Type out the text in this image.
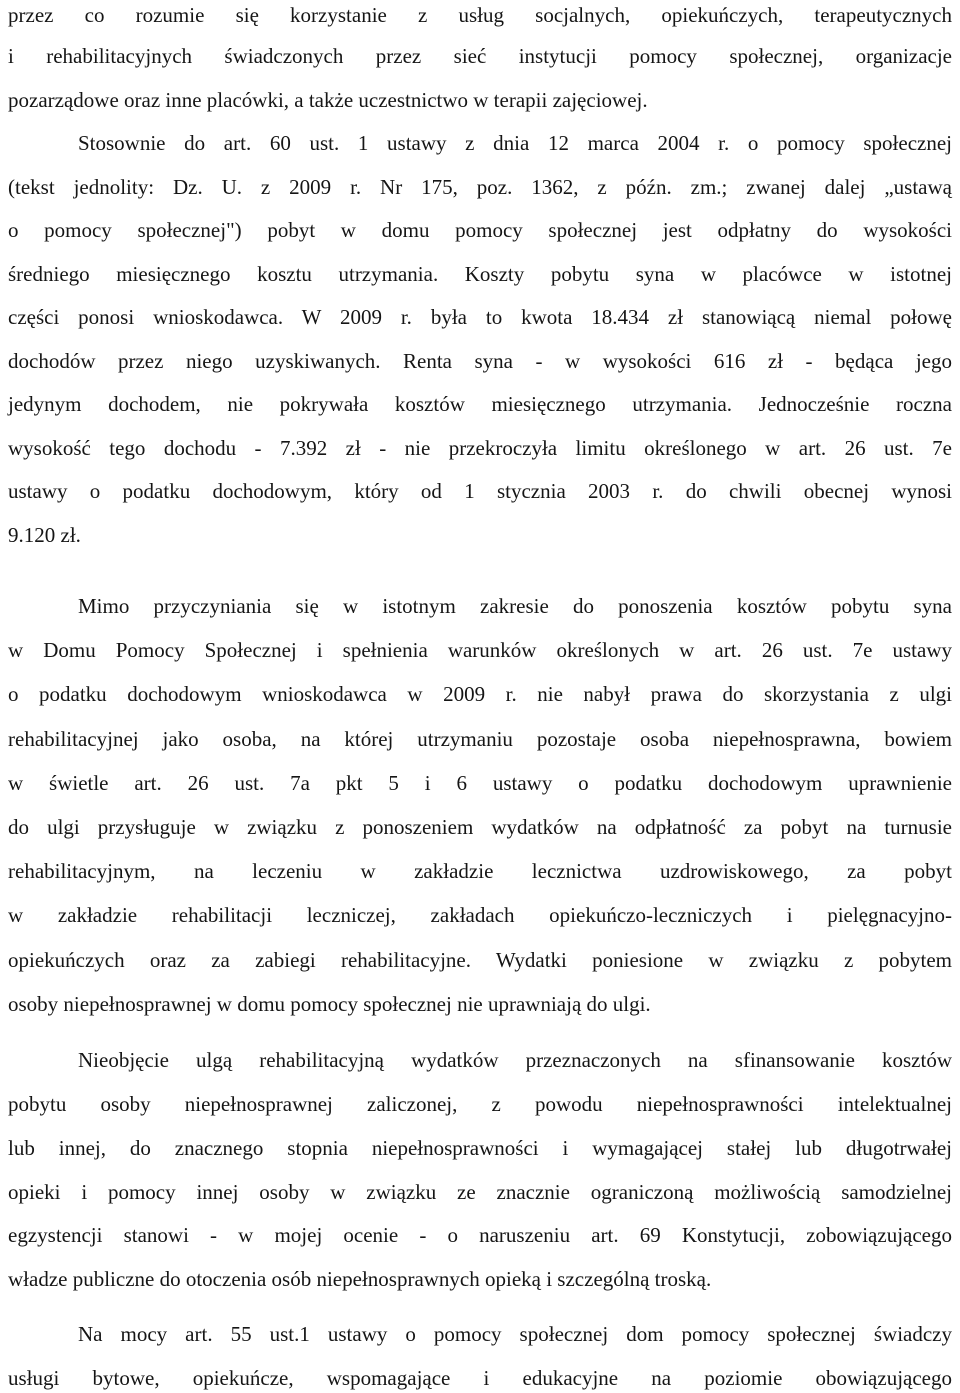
przez co rozumie się korzystanie z usług socjalnych, opiekuńczych, terapeutycznych
i rehabilitacyjnych świadczonych przez sieć instytucji pomocy społecznej, organizacje
pozarządowe oraz inne placówki, a także uczestnictwo w terapii zajęciowej.
Stosownie do art. 60 ust. 1 ustawy z dnia 12 marca 2004 r. o pomocy społecznej
(tekst jednolity: Dz. U. z 2009 r. Nr 175, poz. 1362, z późn. zm.; zwanej dalej „ustawą
o pomocy społecznej") pobyt w domu pomocy społecznej jest odpłatny do wysokości
średniego miesięcznego kosztu utrzymania. Koszty pobytu syna w placówce w istotnej
części ponosi wnioskodawca. W 2009 r. była to kwota 18.434 zł stanowiącą niemal połowę
dochodów przez niego uzyskiwanych. Renta syna - w wysokości 616 zł - będąca jego
jedynym dochodem, nie pokrywała kosztów miesięcznego utrzymania. Jednocześnie roczna
wysokość tego dochodu - 7.392 zł - nie przekroczyła limitu określonego w art. 26 ust. 7e
ustawy o podatku dochodowym, który od 1 stycznia 2003 r. do chwili obecnej wynosi
9.120 zł.
Mimo przyczyniania się w istotnym zakresie do ponoszenia kosztów pobytu syna
w Domu Pomocy Społecznej i spełnienia warunków określonych w art. 26 ust. 7e ustawy
o podatku dochodowym wnioskodawca w 2009 r. nie nabył prawa do skorzystania z ulgi
rehabilitacyjnej jako osoba, na której utrzymaniu pozostaje osoba niepełnosprawna, bowiem
w świetle art. 26 ust. 7a pkt 5 i 6 ustawy o podatku dochodowym uprawnienie
do ulgi przysługuje w związku z ponoszeniem wydatków na odpłatność za pobyt na turnusie
rehabilitacyjnym, na leczeniu w zakładzie lecznictwa uzdrowiskowego, za pobyt
w zakładzie rehabilitacji leczniczej, zakładach opiekuńczo-leczniczych i pielęgnacyjno-
opiekuńczych oraz za zabiegi rehabilitacyjne. Wydatki poniesione w związku z pobytem
osoby niepełnosprawnej w domu pomocy społecznej nie uprawniają do ulgi.
Nieobjęcie ulgą rehabilitacyjną wydatków przeznaczonych na sfinansowanie kosztów
pobytu osoby niepełnosprawnej zaliczonej, z powodu niepełnosprawności intelektualnej
lub innej, do znacznego stopnia niepełnosprawności i wymagającej stałej lub długotrwałej
opieki i pomocy innej osoby w związku ze znacznie ograniczoną możliwością samodzielnej
egzystencji stanowi - w mojej ocenie - o naruszeniu art. 69 Konstytucji, zobowiązującego
władze publiczne do otoczenia osób niepełnosprawnych opieką i szczególną troską.
Na mocy art. 55 ust.1 ustawy o pomocy społecznej dom pomocy społecznej świadczy
usługi bytowe, opiekuńcze, wspomagające i edukacyjne na poziomie obowiązującego
